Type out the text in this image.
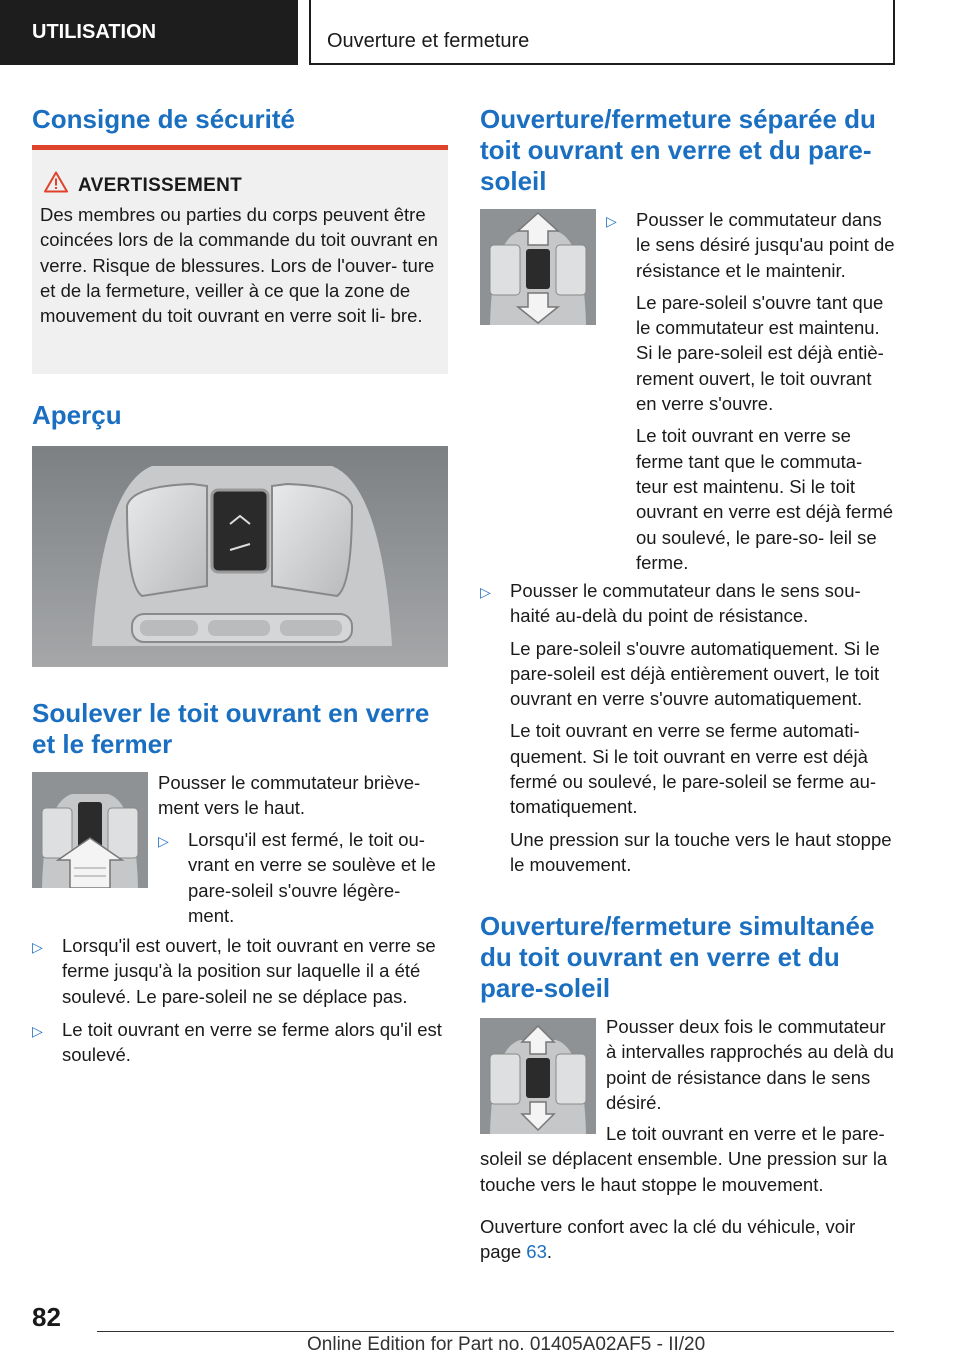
UTILISATION	Ouverture et fermeture
Consigne de sécurité
AVERTISSEMENT

Des membres ou parties du corps peuvent être coincées lors de la commande du toit ouvrant en verre. Risque de blessures. Lors de l'ouver- ture et de la fermeture, veiller à ce que la zone de mouvement du toit ouvrant en verre soit li- bre.

Aperçu
Soulever le toit ouvrant en verre et le fermer

Pousser le commutateur briève- ment vers le haut.

▷ Lorsqu'il est fermé, le toit ou- vrant en verre se soulève et le pare-soleil s'ouvre légère- ment.
▷ Lorsqu'il est ouvert, le toit ouvrant en verre se ferme jusqu'à la position sur laquelle il a été soulevé. Le pare-soleil ne se déplace pas.
▷ Le toit ouvrant en verre se ferme alors qu'il est soulevé.
Ouverture/fermeture séparée du toit ouvrant en verre et du pare- soleil
▷ Pousser le commutateur dans le sens désiré jusqu'au point de résistance et le maintenir.

Le pare-soleil s'ouvre tant que le commutateur est maintenu. Si le pare-soleil est déjà entiè- rement ouvert, le toit ouvrant en verre s'ouvre.

Le toit ouvrant en verre se ferme tant que le commuta- teur est maintenu. Si le toit ouvrant en verre est déjà fermé ou soulevé, le pare-so- leil se ferme.

▷ Pousser le commutateur dans le sens sou- haité au-delà du point de résistance.

Le pare-soleil s'ouvre automatiquement. Si le pare-soleil est déjà entièrement ouvert, le toit ouvrant en verre s'ouvre automatiquement.

Le toit ouvrant en verre se ferme automati- quement. Si le toit ouvrant en verre est déjà fermé ou soulevé, le pare-soleil se ferme au- tomatiquement.

Une pression sur la touche vers le haut stoppe le mouvement.

Ouverture/fermeture simultanée du toit ouvrant en verre et du pare-soleil

Pousser deux fois le commutateur à intervalles rapprochés au delà du point de résistance dans le sens désiré.

Le toit ouvrant en verre et le pare- soleil se déplacent ensemble. Une pression sur la touche vers le haut stoppe le mouvement.

Ouverture confort avec la clé du véhicule, voir page 63.

82
Online Edition for Part no. 01405A02AF5 - II/20
